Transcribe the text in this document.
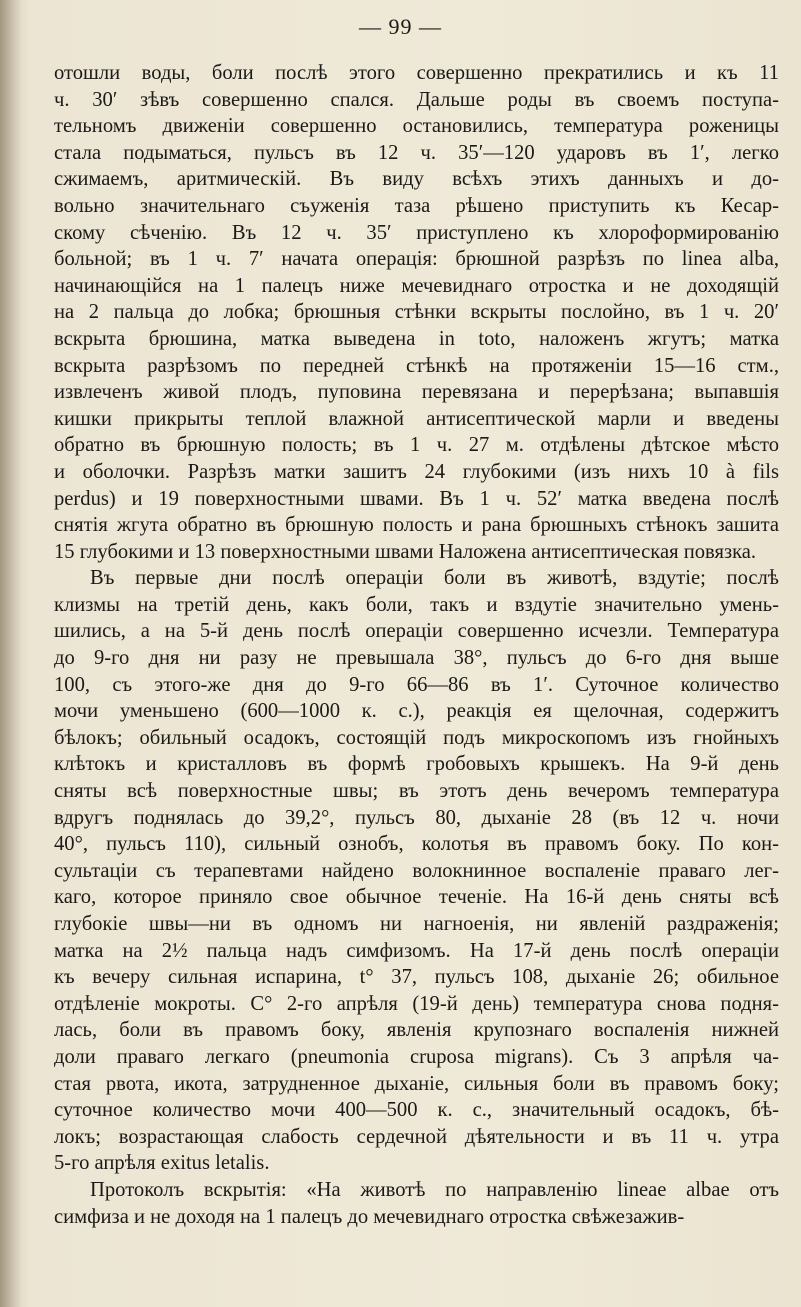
— 99 —

отошли воды, боли послѣ этого совершенно прекратились и къ 11
ч. 30′ зѣвъ совершенно спался. Дальше роды въ своемъ поступа-
тельномъ движеніи совершенно остановились, температура роженицы
стала подыматься, пульсъ въ 12 ч. 35′—120 ударовъ въ 1′, легко
сжимаемъ, аритмическій. Въ виду всѣхъ этихъ данныхъ и до-
вольно значительнаго съуженія таза рѣшено приступить къ Кесар-
скому сѣченію. Въ 12 ч. 35′ приступлено къ хлороформированію
больной; въ 1 ч. 7′ начата операція: брюшной разрѣзъ по linea alba,
начинающійся на 1 палецъ ниже мечевиднаго отростка и не доходящій
на 2 пальца до лобка; брюшныя стѣнки вскрыты послойно, въ 1 ч. 20′
вскрыта брюшина, матка выведена in toto, наложенъ жгутъ; матка
вскрыта разрѣзомъ по передней стѣнкѣ на протяженіи 15—16 стм.,
извлеченъ живой плодъ, пуповина перевязана и перерѣзана; выпавшія
кишки прикрыты теплой влажной антисептической марли и введены
обратно въ брюшную полость; въ 1 ч. 27 м. отдѣлены дѣтское мѣсто
и оболочки. Разрѣзъ матки зашитъ 24 глубокими (изъ нихъ 10 à fils
perdus) и 19 поверхностными швами. Въ 1 ч. 52′ матка введена послѣ
снятія жгута обратно въ брюшную полость и рана брюшныхъ стѣнокъ зашита
15 глубокими и 13 поверхностными швами Наложена антисептическая повязка.

Въ первые дни послѣ операціи боли въ животѣ, вздутіе; послѣ
клизмы на третій день, какъ боли, такъ и вздутіе значительно умень-
шились, а на 5-й день послѣ операціи совершенно исчезли. Температура
до 9-го дня ни разу не превышала 38°, пульсъ до 6-го дня выше
100, съ этого-же дня до 9-го 66—86 въ 1′. Суточное количество
мочи уменьшено (600—1000 к. с.), реакція ея щелочная, содержитъ
бѣлокъ; обильный осадокъ, состоящій подъ микроскопомъ изъ гнойныхъ
клѣтокъ и кристалловъ въ формѣ гробовыхъ крышекъ. На 9-й день
сняты всѣ поверхностные швы; въ этотъ день вечеромъ температура
вдругъ поднялась до 39,2°, пульсъ 80, дыханіе 28 (въ 12 ч. ночи
40°, пульсъ 110), сильный ознобъ, колотья въ правомъ боку. По кон-
сультаціи съ терапевтами найдено волокнинное воспаленіе праваго лег-
каго, которое приняло свое обычное теченіе. На 16-й день сняты всѣ
глубокіе швы—ни въ одномъ ни нагноенія, ни явленій раздраженія;
матка на 2½ пальца надъ симфизомъ. На 17-й день послѣ операціи
къ вечеру сильная испарина, t° 37, пульсъ 108, дыханіе 26; обильное
отдѣленіе мокроты. С° 2-го апрѣля (19-й день) температура снова подня-
лась, боли въ правомъ боку, явленія крупознаго воспаленія нижней
доли праваго легкаго (pneumonia cruposa migrans). Съ 3 апрѣля ча-
стая рвота, икота, затрудненное дыханіе, сильныя боли въ правомъ боку;
суточное количество мочи 400—500 к. с., значительный осадокъ, бѣ-
локъ; возрастающая слабость сердечной дѣятельности и въ 11 ч. утра
5-го апрѣля exitus letalis.

Протоколъ вскрытія: «На животѣ по направленію lineae albae отъ
симфиза и не доходя на 1 палецъ до мечевиднаго отростка свѣжезажив-
